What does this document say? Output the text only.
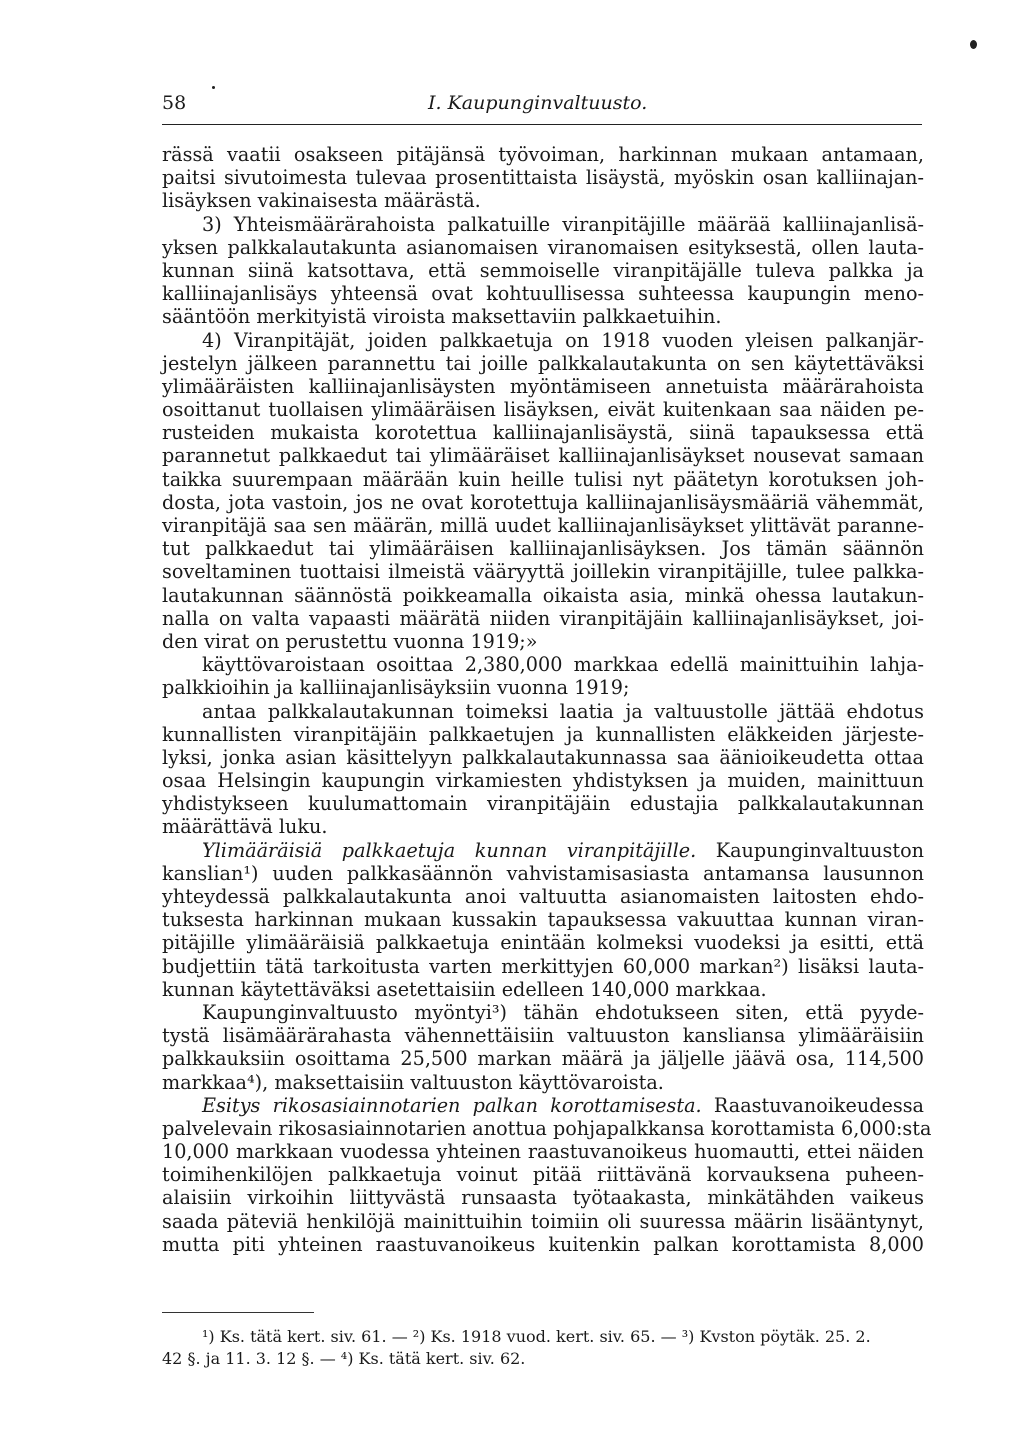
58	I. Kaupunginvaltuusto.
rässä vaatii osakseen pitäjänsä työvoiman, harkinnan mukaan antamaan,
paitsi sivutoimesta tulevaa prosentittaista lisäystä, myöskin osan kalliinajan-
lisäyksen vakinaisesta määrästä.
3) Yhteismäärärahoista palkatuille viranpitäjille määrää kalliinajanlisä-
yksen palkkalautakunta asianomaisen viranomaisen esityksestä, ollen lauta-
kunnan siinä katsottava, että semmoiselle viranpitäjälle tuleva palkka ja
kalliinajanlisäys yhteensä ovat kohtuullisessa suhteessa kaupungin meno-
sääntöön merkityistä viroista maksettaviin palkkaetuihin.
4) Viranpitäjät, joiden palkkaetuja on 1918 vuoden yleisen palkanjär-
jestelyn jälkeen parannettu tai joille palkkalautakunta on sen käytettäväksi
ylimääräisten kalliinajanlisäysten myöntämiseen annetuista määrärahoista
osoittanut tuollaisen ylimääräisen lisäyksen, eivät kuitenkaan saa näiden pe-
rusteiden mukaista korotettua kalliinajanlisäystä, siinä tapauksessa että
parannetut palkkaedut tai ylimääräiset kalliinajanlisäykset nousevat samaan
taikka suurempaan määrään kuin heille tulisi nyt päätetyn korotuksen joh-
dosta, jota vastoin, jos ne ovat korotettuja kalliinajanlisäysmääriä vähemmät,
viranpitäjä saa sen määrän, millä uudet kalliinajanlisäykset ylittävät paranne-
tut palkkaedut tai ylimääräisen kalliinajanlisäyksen. Jos tämän säännön
soveltaminen tuottaisi ilmeistä vääryyttä joillekin viranpitäjille, tulee palkka-
lautakunnan säännöstä poikkeamalla oikaista asia, minkä ohessa lautakun-
nalla on valta vapaasti määrätä niiden viranpitäjäin kalliinajanlisäykset, joi-
den virat on perustettu vuonna 1919;»
käyttövaroistaan osoittaa 2,380,000 markkaa edellä mainittuihin lahja-
palkkioihin ja kalliinajanlisäyksiin vuonna 1919;
antaa palkkalautakunnan toimeksi laatia ja valtuustolle jättää ehdotus
kunnallisten viranpitäjäin palkkaetujen ja kunnallisten eläkkeiden järjeste-
lyksi, jonka asian käsittelyyn palkkalautakunnassa saa äänioikeudetta ottaa
osaa Helsingin kaupungin virkamiesten yhdistyksen ja muiden, mainittuun
yhdistykseen kuulumattomain viranpitäjäin edustajia palkkalautakunnan
määrättävä luku.
Ylimääräisiä palkkaetuja kunnan viranpitäjille. Kaupunginvaltuuston
kanslian¹) uuden palkkasäännön vahvistamisasiasta antamansa lausunnon
yhteydessä palkkalautakunta anoi valtuutta asianomaisten laitosten ehdo-
tuksesta harkinnan mukaan kussakin tapauksessa vakuuttaa kunnan viran-
pitäjille ylimääräisiä palkkaetuja enintään kolmeksi vuodeksi ja esitti, että
budjettiin tätä tarkoitusta varten merkittyjen 60,000 markan²) lisäksi lauta-
kunnan käytettäväksi asetettaisiin edelleen 140,000 markkaa.
Kaupunginvaltuusto myöntyi³) tähän ehdotukseen siten, että pyyde-
tystä lisämäärärahasta vähennettäisiin valtuuston kansliansa ylimääräisiin
palkkauksiin osoittama 25,500 markan määrä ja jäljelle jäävä osa, 114,500
markkaa⁴), maksettaisiin valtuuston käyttövaroista.
Esitys rikosasiainnotarien palkan korottamisesta. Raastuvanoikeudessa
palvelevain rikosasiainnotarien anottua pohjapalkkansa korottamista 6,000:sta
10,000 markkaan vuodessa yhteinen raastuvanoikeus huomautti, ettei näiden
toimihenkilöjen palkkaetuja voinut pitää riittävänä korvauksena puheen-
alaisiin virkoihin liittyvästä runsaasta työtaakasta, minkätähden vaikeus
saada päteviä henkilöjä mainittuihin toimiin oli suuressa määrin lisääntynyt,
mutta piti yhteinen raastuvanoikeus kuitenkin palkan korottamista 8,000
¹) Ks. tätä kert. siv. 61. — ²) Ks. 1918 vuod. kert. siv. 65. — ³) Kvston pöytäk. 25. 2.
42 §. ja 11. 3. 12 §. — ⁴) Ks. tätä kert. siv. 62.
